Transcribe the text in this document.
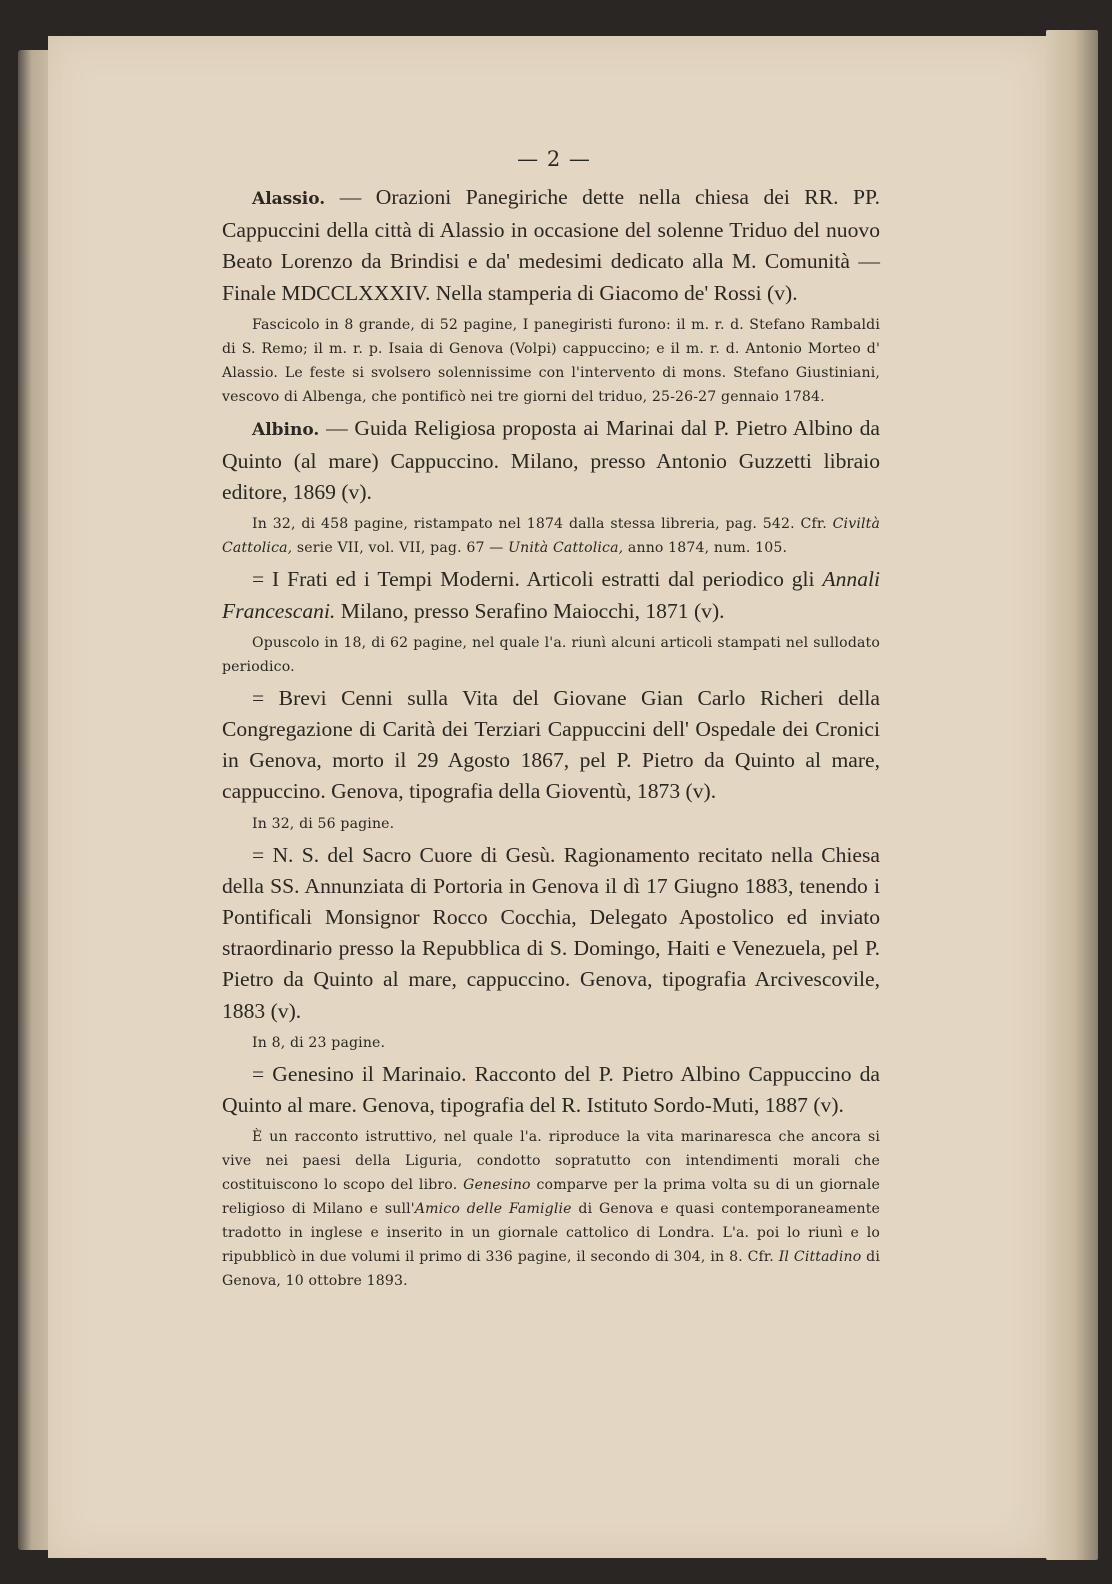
— 2 —

Alassio. — Orazioni Panegiriche dette nella chiesa dei RR. PP. Cappuccini della città di Alassio in occasione del solenne Triduo del nuovo Beato Lorenzo da Brindisi e da' medesimi dedicato alla M. Comunità — Finale MDCCLXXXIV. Nella stamperia di Giacomo de' Rossi (v).

Fascicolo in 8 grande, di 52 pagine, I panegiristi furono: il m. r. d. Stefano Rambaldi di S. Remo; il m. r. p. Isaia di Genova (Volpi) cappuccino; e il m. r. d. Antonio Morteo d' Alassio. Le feste si svolsero solennissime con l'intervento di mons. Stefano Giustiniani, vescovo di Albenga, che pontificò nei tre giorni del triduo, 25-26-27 gennaio 1784.

Albino. — Guida Religiosa proposta ai Marinai dal P. Pietro Albino da Quinto (al mare) Cappuccino. Milano, presso Antonio Guzzetti libraio editore, 1869 (v).

In 32, di 458 pagine, ristampato nel 1874 dalla stessa libreria, pag. 542. Cfr. Civiltà Cattolica, serie VII, vol. VII, pag. 67 — Unità Cattolica, anno 1874, num. 105.

= I Frati ed i Tempi Moderni. Articoli estratti dal periodico gli Annali Francescani. Milano, presso Serafino Maiocchi, 1871 (v).

Opuscolo in 18, di 62 pagine, nel quale l'a. riunì alcuni articoli stampati nel sullodato periodico.

= Brevi Cenni sulla Vita del Giovane Gian Carlo Richeri della Congregazione di Carità dei Terziari Cappuccini dell' Ospedale dei Cronici in Genova, morto il 29 Agosto 1867, pel P. Pietro da Quinto al mare, cappuccino. Genova, tipografia della Gioventù, 1873 (v).

In 32, di 56 pagine.

= N. S. del Sacro Cuore di Gesù. Ragionamento recitato nella Chiesa della SS. Annunziata di Portoria in Genova il dì 17 Giugno 1883, tenendo i Pontificali Monsignor Rocco Cocchia, Delegato Apostolico ed inviato straordinario presso la Repubblica di S. Domingo, Haiti e Venezuela, pel P. Pietro da Quinto al mare, cappuccino. Genova, tipografia Arcivescovile, 1883 (v).

In 8, di 23 pagine.

= Genesino il Marinaio. Racconto del P. Pietro Albino Cappuccino da Quinto al mare. Genova, tipografia del R. Istituto Sordo-Muti, 1887 (v).

È un racconto istruttivo, nel quale l'a. riproduce la vita marinaresca che ancora si vive nei paesi della Liguria, condotto sopratutto con intendimenti morali che costituiscono lo scopo del libro. Genesino comparve per la prima volta su di un giornale religioso di Milano e sull'Amico delle Famiglie di Genova e quasi contemporaneamente tradotto in inglese e inserito in un giornale cattolico di Londra. L'a. poi lo riunì e lo ripubblicò in due volumi il primo di 336 pagine, il secondo di 304, in 8. Cfr. Il Cittadino di Genova, 10 ottobre 1893.
